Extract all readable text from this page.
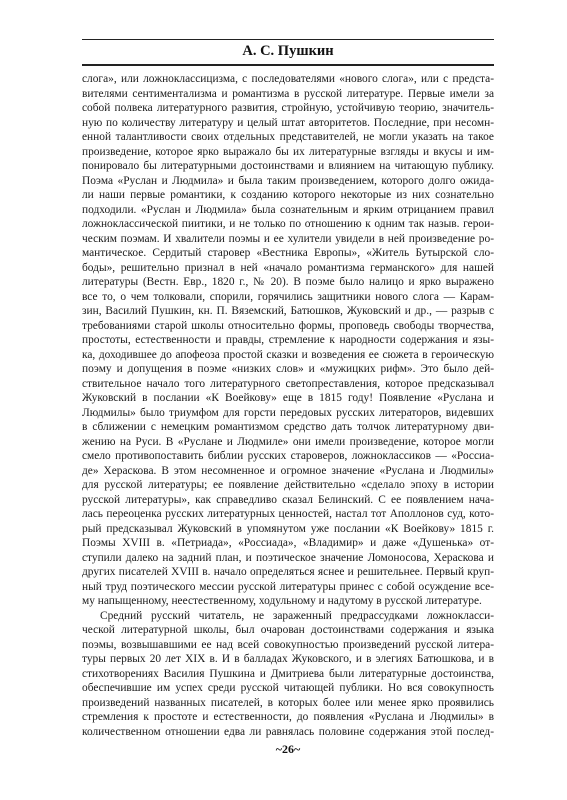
А. С. Пушкин
слога», или ложноклассицизма, с последователями «нового слога», или с предста-
вителями сентиментализма и романтизма в русской литературе. Первые имели за
собой полвека литературного развития, стройную, устойчивую теорию, значитель-
ную по количеству литературу и целый штат авторитетов. Последние, при несомн-
енной талантливости своих отдельных представителей, не могли указать на такое
произведение, которое ярко выражало бы их литературные взгляды и вкусы и им-
понировало бы литературными достоинствами и влиянием на читающую публику.
Поэма «Руслан и Людмила» и была таким произведением, которого долго ожида-
ли наши первые романтики, к созданию которого некоторые из них сознательно
подходили. «Руслан и Людмила» была сознательным и ярким отрицанием правил
ложноклассической пиитики, и не только по отношению к одним так назыв. герои-
ческим поэмам. И хвалители поэмы и ее хулители увидели в ней произведение ро-
мантическое. Сердитый старовер «Вестника Европы», «Житель Бутырской сло-
боды», решительно признал в ней «начало романтизма германского» для нашей
литературы (Вестн. Евр., 1820 г., № 20). В поэме было налицо и ярко выражено
все то, о чем толковали, спорили, горячились защитники нового слога — Карам-
зин, Василий Пушкин, кн. П. Вяземский, Батюшков, Жуковский и др., — разрыв с
требованиями старой школы относительно формы, проповедь свободы творчества,
простоты, естественности и правды, стремление к народности содержания и язы-
ка, доходившее до апофеоза простой сказки и возведения ее сюжета в героическую
поэму и допущения в поэме «низких слов» и «мужицких рифм». Это было дей-
ствительное начало того литературного светопреставления, которое предсказывал
Жуковский в послании «К Воейкову» еще в 1815 году! Появление «Руслана и
Людмилы» было триумфом для горсти передовых русских литераторов, видевших
в сближении с немецким романтизмом средство дать толчок литературному дви-
жению на Руси. В «Руслане и Людмиле» они имели произведение, которое могли
смело противопоставить библии русских староверов, ложноклассиков — «Россиа-
де» Хераскова. В этом несомненное и огромное значение «Руслана и Людмилы»
для русской литературы; ее появление действительно «сделало эпоху в истории
русской литературы», как справедливо сказал Белинский. С ее появлением нача-
лась переоценка русских литературных ценностей, настал тот Аполлонов суд, кото-
рый предсказывал Жуковский в упомянутом уже послании «К Воейкову» 1815 г.
Поэмы XVIII в. «Петриада», «Россиада», «Владимир» и даже «Душенька» от-
ступили далеко на задний план, и поэтическое значение Ломоносова, Хераскова и
других писателей XVIII в. начало определяться яснее и решительнее. Первый круп-
ный труд поэтического мессии русской литературы принес с собой осуждение все-
му напыщенному, неестественному, ходульному и надутому в русской литературе.
Средний русский читатель, не зараженный предрассудками ложнокласси-
ческой литературной школы, был очарован достоинствами содержания и языка
поэмы, возвышавшими ее над всей совокупностью произведений русской литера-
туры первых 20 лет XIX в. И в балладах Жуковского, и в элегиях Батюшкова, и в
стихотворениях Василия Пушкина и Дмитриева были литературные достоинства,
обеспечившие им успех среди русской читающей публики. Но вся совокупность
произведений названных писателей, в которых более или менее ярко проявились
стремления к простоте и естественности, до появления «Руслана и Людмилы» в
количественном отношении едва ли равнялась половине содержания этой послед-
~26~
